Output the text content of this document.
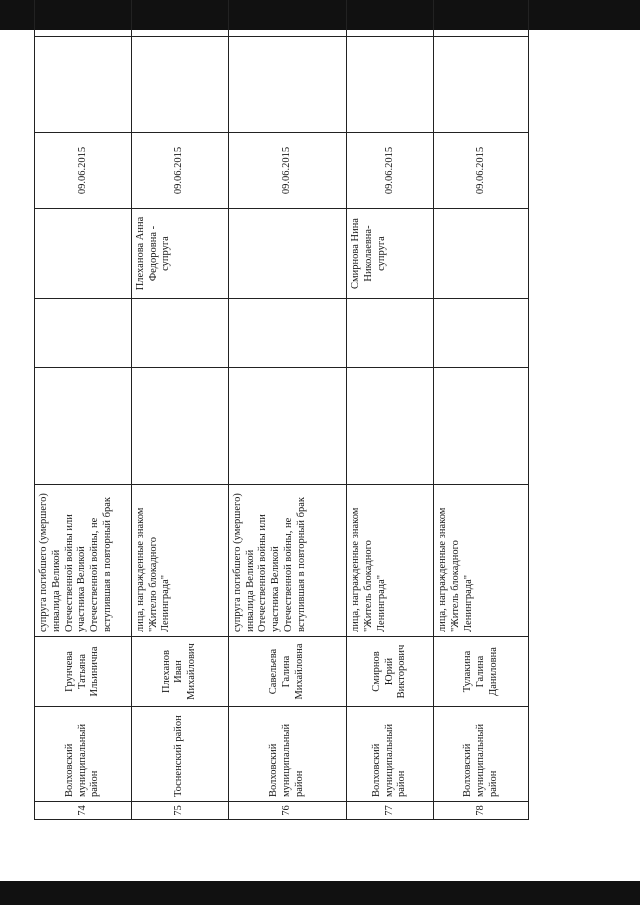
74	Волховский муниципальный район	Грунчева Татьяна Ильинична	супруга погибшего (умершего) инвалида Великой Отечественной войны или участника Великой Отечественной войны, не вступившая в повторный брак				09.06.2015		
75	Тосненский район	Плеханов Иван Михайлович	лица, награжденные знаком "Жителю блокадного Ленинграда"			Плеханова Анна Федоровна - супруга	09.06.2015		
76	Волховский муниципальный район	Савельева Галина Михайловна	супруга погибшего (умершего) инвалида Великой Отечественной войны или участника Великой Отечественной войны, не вступившая в повторный брак				09.06.2015		
77	Волховский муниципальный район	Смирнов Юрий Викторович	лица, награжденные знаком "Житель блокадного Ленинграда"			Смирнова Нина Николаевна-супруга	09.06.2015		
78	Волховский муниципальный район	Тулакина Галина Даниловна	лица, награжденные знаком "Житель блокадного Ленинграда"				09.06.2015		
